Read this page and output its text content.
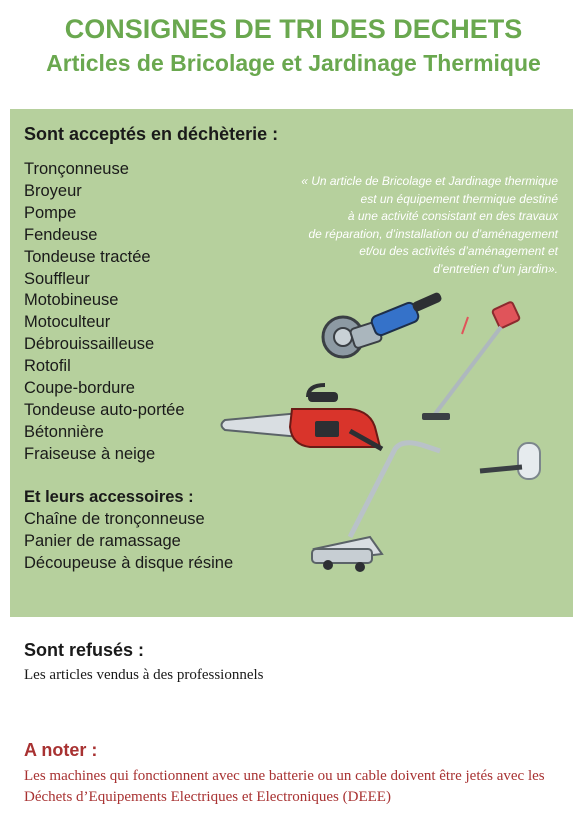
CONSIGNES DE TRI DES DECHETS
Articles de Bricolage et Jardinage Thermique
Sont acceptés en déchèterie :
Tronçonneuse
Broyeur
Pompe
Fendeuse
Tondeuse tractée
Souffleur
Motobineuse
Motoculteur
Débrouissailleuse
Rotofil
Coupe-bordure
Tondeuse auto-portée
Bétonnière
Fraiseuse à neige
Et leurs accessoires :
Chaîne de tronçonneuse
Panier de ramassage
Découpeuse à disque résine

« Un article de Bricolage et Jardinage thermique
est un équipement thermique destiné
à une activité consistant en des travaux
de réparation, d’installation ou d’aménagement
et/ou des activités d’aménagement et
d’entretien d’un jardin».

Sont refusés :

Les articles vendus à des professionnels

A noter :

Les machines qui fonctionnent avec une batterie ou un cable doivent être jetés avec les Déchets d’Equipements Electriques et Electroniques (DEEE)
